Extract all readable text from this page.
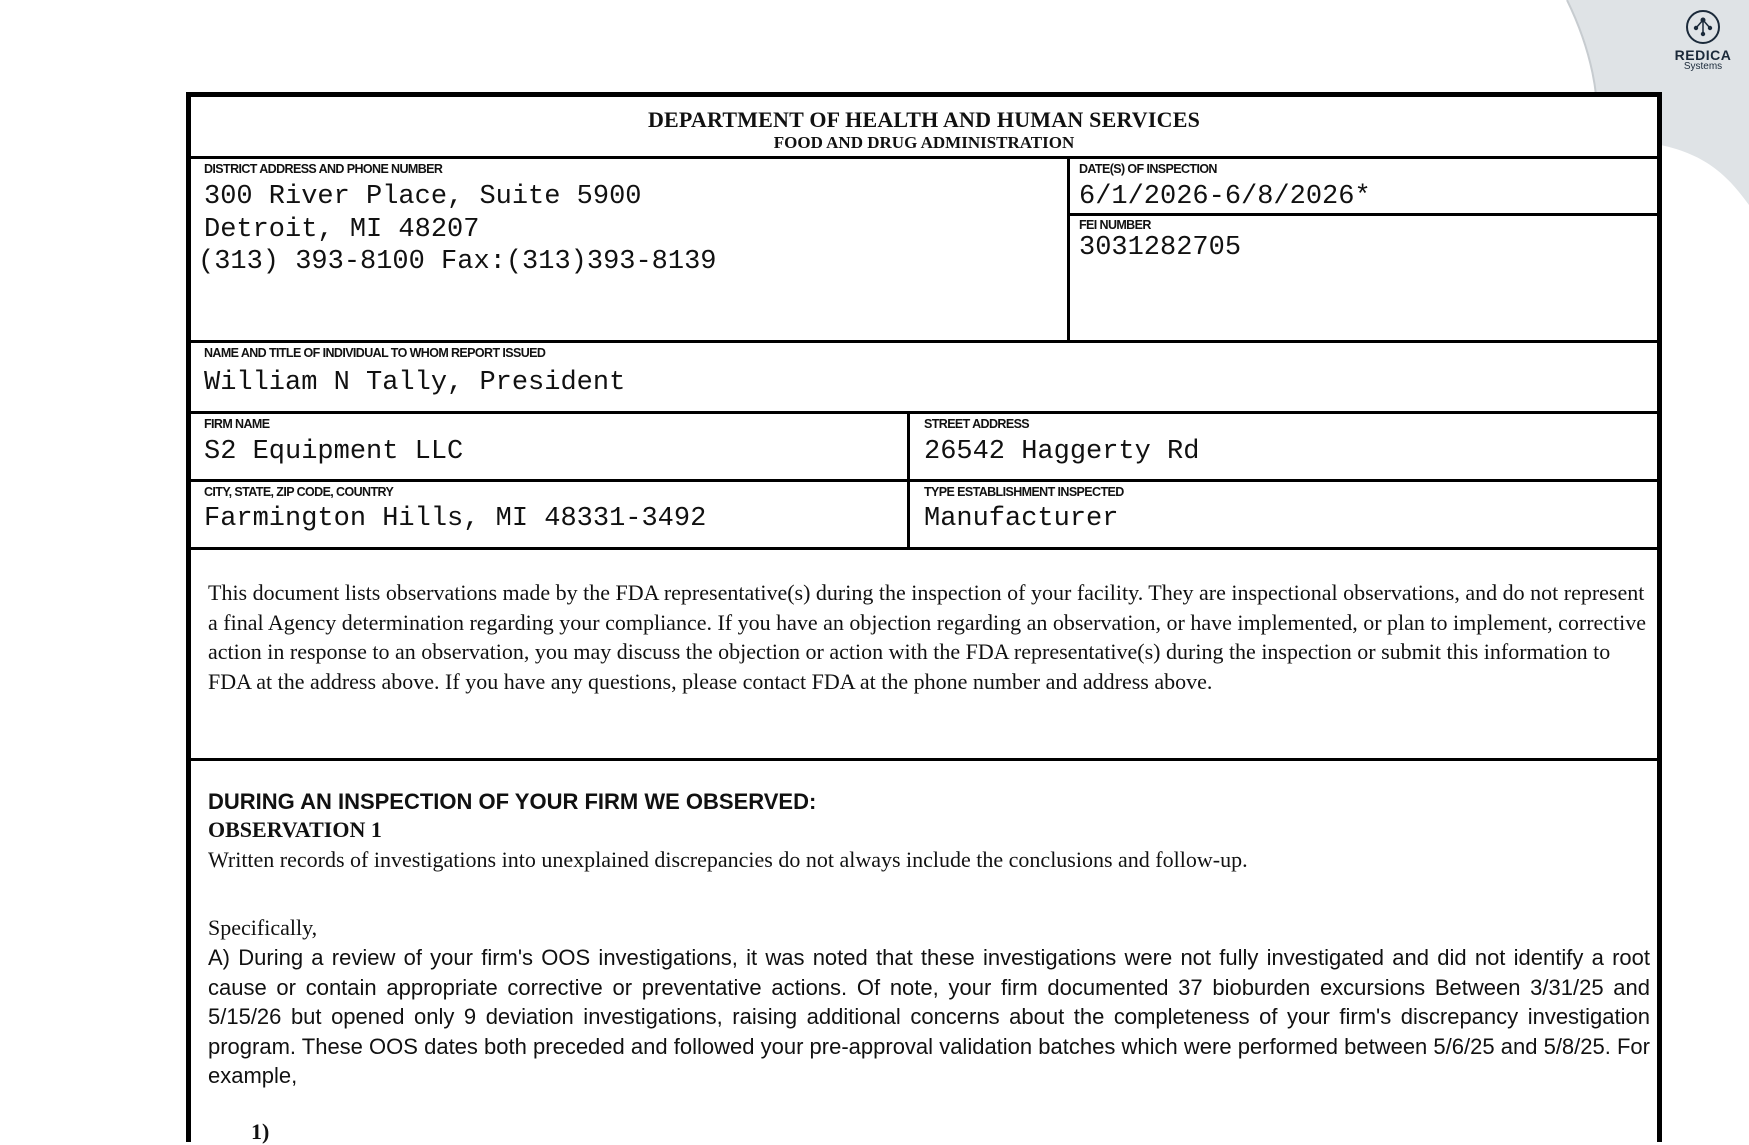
REDICA
Systems
DEPARTMENT OF HEALTH AND HUMAN SERVICES
FOOD AND DRUG ADMINISTRATION
DISTRICT ADDRESS AND PHONE NUMBER
300 River Place, Suite 5900
Detroit, MI 48207
(313) 393-8100 Fax:(313)393-8139
DATE(S) OF INSPECTION
6/1/2026-6/8/2026*
FEI NUMBER
3031282705
NAME AND TITLE OF INDIVIDUAL TO WHOM REPORT ISSUED
William N Tally, President
FIRM NAME
S2 Equipment LLC
STREET ADDRESS
26542 Haggerty Rd
CITY, STATE, ZIP CODE, COUNTRY
Farmington Hills, MI 48331-3492
TYPE ESTABLISHMENT INSPECTED
Manufacturer
This document lists observations made by the FDA representative(s) during the inspection of your facility. They are inspectional observations, and do not represent a final Agency determination regarding your compliance. If you have an objection regarding an observation, or have implemented, or plan to implement, corrective action in response to an observation, you may discuss the objection or action with the FDA representative(s) during the inspection or submit this information to FDA at the address above. If you have any questions, please contact FDA at the phone number and address above.
DURING AN INSPECTION OF YOUR FIRM WE OBSERVED:
OBSERVATION 1
Written records of investigations into unexplained discrepancies do not always include the conclusions and follow-up.
Specifically,
A) During a review of your firm's OOS investigations, it was noted that these investigations were not fully investigated and did not identify a root cause or contain appropriate corrective or preventative actions. Of note, your firm documented 37 bioburden excursions Between 3/31/25 and 5/15/26 but opened only 9 deviation investigations, raising additional concerns about the completeness of your firm's discrepancy investigation program. These OOS dates both preceded and followed your pre-approval validation batches which were performed between 5/6/25 and 5/8/25. For example,
1)
